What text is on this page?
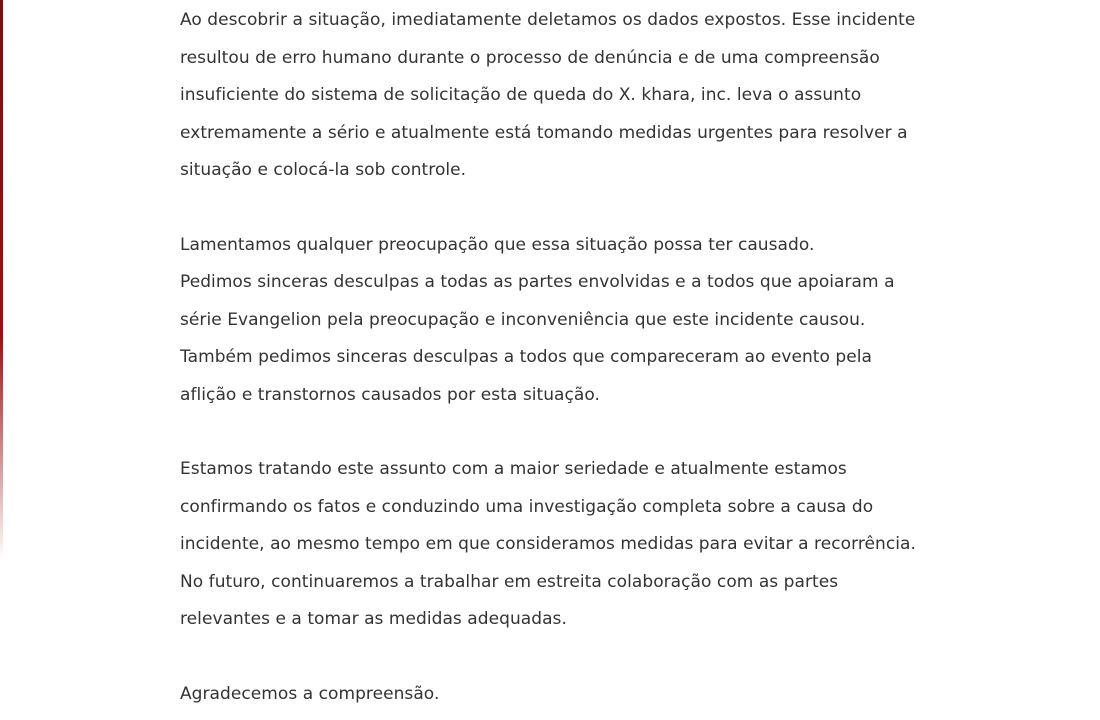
Ao descobrir a situação, imediatamente deletamos os dados expostos. Esse incidente
resultou de erro humano durante o processo de denúncia e de uma compreensão
insuficiente do sistema de solicitação de queda do X. khara, inc. leva o assunto
extremamente a sério e atualmente está tomando medidas urgentes para resolver a
situação e colocá-la sob controle.
Lamentamos qualquer preocupação que essa situação possa ter causado.
Pedimos sinceras desculpas a todas as partes envolvidas e a todos que apoiaram a
série Evangelion pela preocupação e inconveniência que este incidente causou.
Também pedimos sinceras desculpas a todos que compareceram ao evento pela
aflição e transtornos causados por esta situação.
Estamos tratando este assunto com a maior seriedade e atualmente estamos
confirmando os fatos e conduzindo uma investigação completa sobre a causa do
incidente, ao mesmo tempo em que consideramos medidas para evitar a recorrência.
No futuro, continuaremos a trabalhar em estreita colaboração com as partes
relevantes e a tomar as medidas adequadas.
Agradecemos a compreensão.
